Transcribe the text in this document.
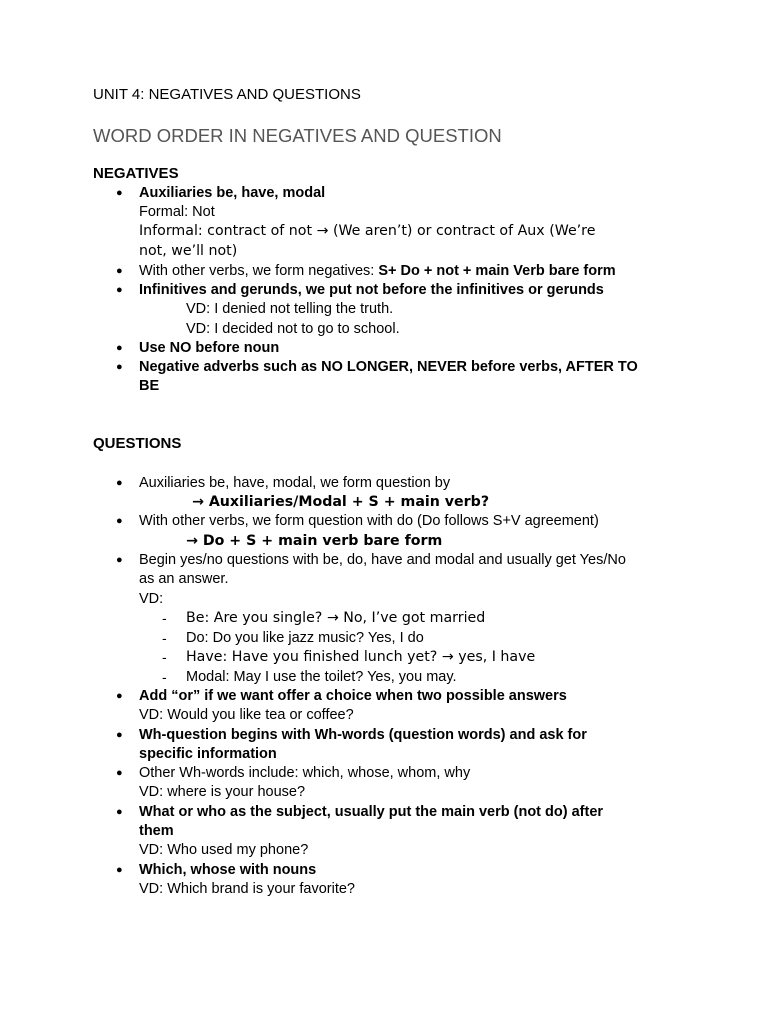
UNIT 4: NEGATIVES AND QUESTIONS
WORD ORDER IN NEGATIVES AND QUESTION
NEGATIVES
● Auxiliaries be, have, modal
Formal: Not
Informal: contract of not → (We aren’t) or contract of Aux (We’re
not, we’ll not)
● With other verbs, we form negatives: S+ Do + not + main Verb bare form
● Infinitives and gerunds, we put not before the infinitives or gerunds
VD: I denied not telling the truth.
VD: I decided not to go to school.
● Use NO before noun
● Negative adverbs such as NO LONGER, NEVER before verbs, AFTER TO
BE
QUESTIONS
● Auxiliaries be, have, modal, we form question by
→ Auxiliaries/Modal + S + main verb?
● With other verbs, we form question with do (Do follows S+V agreement)
→ Do + S + main verb bare form
● Begin yes/no questions with be, do, have and modal and usually get Yes/No
as an answer.
VD:
- Be: Are you single? → No, I’ve got married
- Do: Do you like jazz music? Yes, I do
- Have: Have you finished lunch yet? → yes, I have
- Modal: May I use the toilet? Yes, you may.
● Add “or” if we want offer a choice when two possible answers
VD: Would you like tea or coffee?
● Wh-question begins with Wh-words (question words) and ask for
specific information
● Other Wh-words include: which, whose, whom, why
VD: where is your house?
● What or who as the subject, usually put the main verb (not do) after
them
VD: Who used my phone?
● Which, whose with nouns
VD: Which brand is your favorite?
